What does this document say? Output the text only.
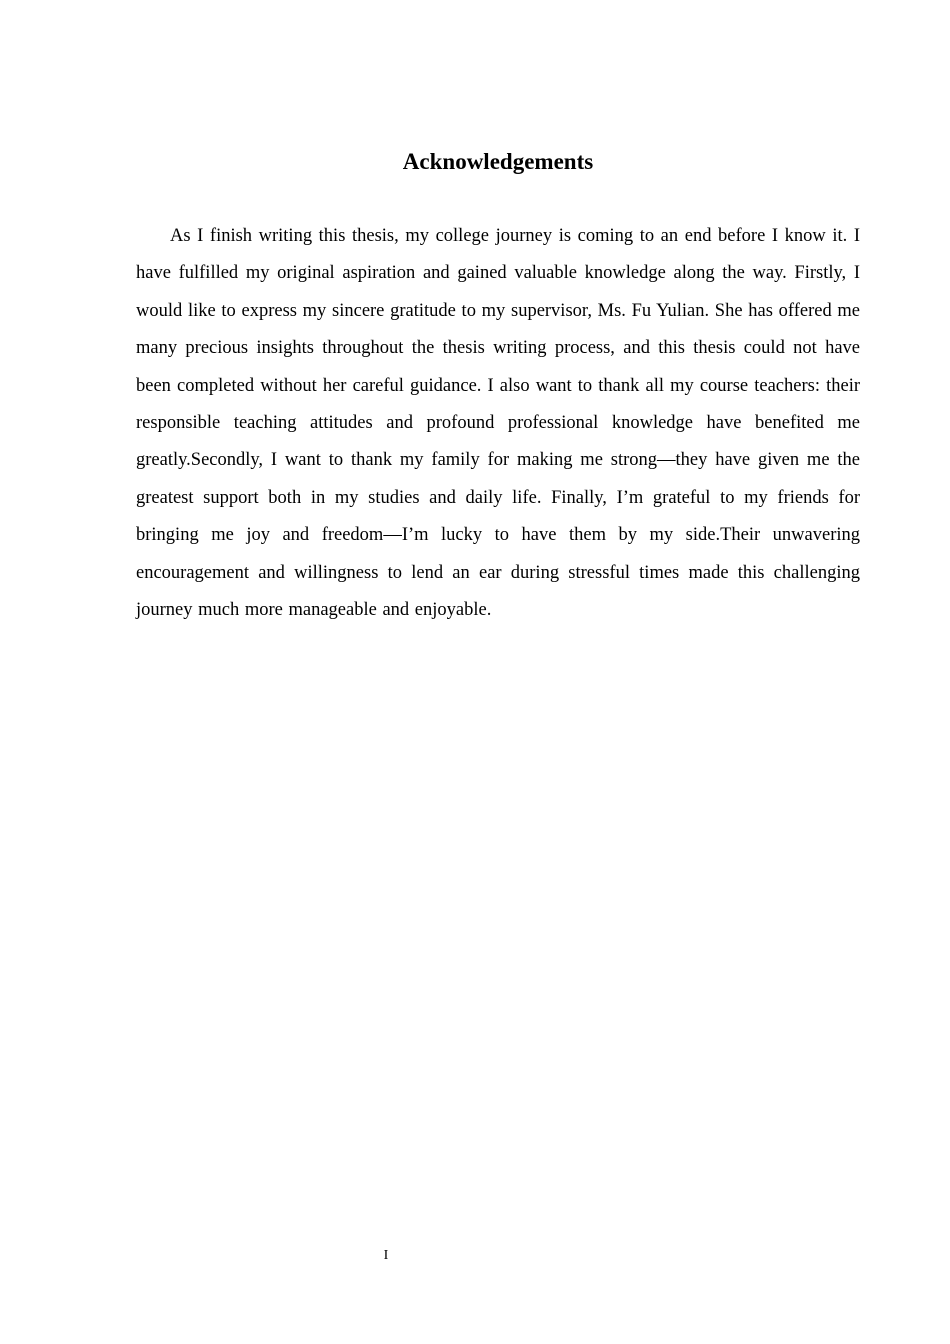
Acknowledgements

As I finish writing this thesis, my college journey is coming to an end before I know it. I have fulfilled my original aspiration and gained valuable knowledge along the way. Firstly, I would like to express my sincere gratitude to my supervisor, Ms. Fu Yulian. She has offered me many precious insights throughout the thesis writing process, and this thesis could not have been completed without her careful guidance. I also want to thank all my course teachers: their responsible teaching attitudes and profound professional knowledge have benefited me greatly.Secondly, I want to thank my family for making me strong—they have given me the greatest support both in my studies and daily life. Finally, I’m grateful to my friends for bringing me joy and freedom—I’m lucky to have them by my side.Their unwavering encouragement and willingness to lend an ear during stressful times made this challenging journey much more manageable and enjoyable.

I
